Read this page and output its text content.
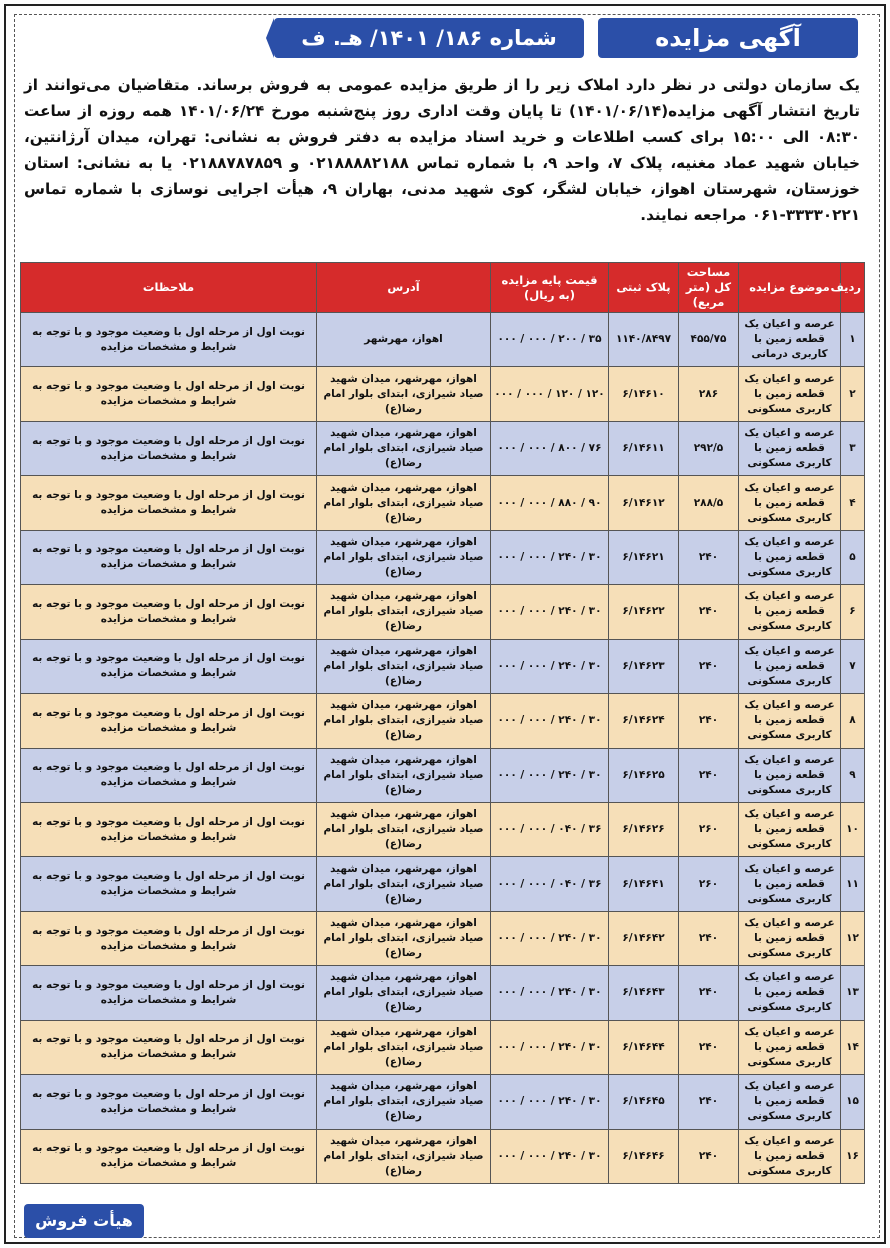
آگهی مزایده
شماره ۱۸۶/ ۱۴۰۱/ هـ. ف

یک سازمان دولتی در نظر دارد املاک زیر را از طریق مزایده عمومی به فروش برساند. متقاضیان می‌توانند از تاریخ انتشار آگهی مزایده(۱۴۰۱/۰۶/۱۴) تا پایان وقت اداری روز پنج‌شنبه مورخ ۱۴۰۱/۰۶/۲۴ همه روزه از ساعت ۰۸:۳۰ الی ۱۵:۰۰ برای کسب اطلاعات و خرید اسناد مزایده به دفتر فروش به نشانی: تهران، میدان آرژانتین، خیابان شهید عماد مغنیه، پلاک ۷، واحد ۹، با شماره تماس ۰۲۱۸۸۸۸۲۱۸۸ و ۰۲۱۸۸۷۸۷۸۵۹ یا به نشانی: استان خوزستان، شهرستان اهواز، خیابان لشگر، کوی شهید مدنی، بهاران ۹، هیأت اجرایی نوسازی با شماره تماس ۳۳۳۳۰۲۲۱-۰۶۱ مراجعه نمایند.

ردیف	موضوع مزایده	مساحت کل (متر مربع)	پلاک ثبتی	قیمت پایه مزایده (به ریال)	آدرس	ملاحظات
۱	عرصه و اعیان یک قطعه زمین با کاربری درمانی	۴۵۵/۷۵	۱۱۴۰/۸۴۹۷	۳۵ / ۲۰۰ / ۰۰۰ / ۰۰۰	اهواز، مهرشهر	نوبت اول از مرحله اول با وضعیت موجود و با توجه به شرایط و مشخصات مزایده
۲	عرصه و اعیان یک قطعه زمین با کاربری مسکونی	۲۸۶	۶/۱۴۶۱۰	۱۲۰ / ۱۲۰ / ۰۰۰ / ۰۰۰	اهواز، مهرشهر، میدان شهید صیاد شیرازی، ابتدای بلوار امام رضا(ع)	نوبت اول از مرحله اول با وضعیت موجود و با توجه به شرایط و مشخصات مزایده
۳	عرصه و اعیان یک قطعه زمین با کاربری مسکونی	۲۹۲/۵	۶/۱۴۶۱۱	۷۶ / ۸۰۰ / ۰۰۰ / ۰۰۰	اهواز، مهرشهر، میدان شهید صیاد شیرازی، ابتدای بلوار امام رضا(ع)	نوبت اول از مرحله اول با وضعیت موجود و با توجه به شرایط و مشخصات مزایده
۴	عرصه و اعیان یک قطعه زمین با کاربری مسکونی	۲۸۸/۵	۶/۱۴۶۱۲	۹۰ / ۸۸۰ / ۰۰۰ / ۰۰۰	اهواز، مهرشهر، میدان شهید صیاد شیرازی، ابتدای بلوار امام رضا(ع)	نوبت اول از مرحله اول با وضعیت موجود و با توجه به شرایط و مشخصات مزایده
۵	عرصه و اعیان یک قطعه زمین با کاربری مسکونی	۲۴۰	۶/۱۴۶۲۱	۳۰ / ۲۴۰ / ۰۰۰ / ۰۰۰	اهواز، مهرشهر، میدان شهید صیاد شیرازی، ابتدای بلوار امام رضا(ع)	نوبت اول از مرحله اول با وضعیت موجود و با توجه به شرایط و مشخصات مزایده
۶	عرصه و اعیان یک قطعه زمین با کاربری مسکونی	۲۴۰	۶/۱۴۶۲۲	۳۰ / ۲۴۰ / ۰۰۰ / ۰۰۰	اهواز، مهرشهر، میدان شهید صیاد شیرازی، ابتدای بلوار امام رضا(ع)	نوبت اول از مرحله اول با وضعیت موجود و با توجه به شرایط و مشخصات مزایده
۷	عرصه و اعیان یک قطعه زمین با کاربری مسکونی	۲۴۰	۶/۱۴۶۲۳	۳۰ / ۲۴۰ / ۰۰۰ / ۰۰۰	اهواز، مهرشهر، میدان شهید صیاد شیرازی، ابتدای بلوار امام رضا(ع)	نوبت اول از مرحله اول با وضعیت موجود و با توجه به شرایط و مشخصات مزایده
۸	عرصه و اعیان یک قطعه زمین با کاربری مسکونی	۲۴۰	۶/۱۴۶۲۴	۳۰ / ۲۴۰ / ۰۰۰ / ۰۰۰	اهواز، مهرشهر، میدان شهید صیاد شیرازی، ابتدای بلوار امام رضا(ع)	نوبت اول از مرحله اول با وضعیت موجود و با توجه به شرایط و مشخصات مزایده
۹	عرصه و اعیان یک قطعه زمین با کاربری مسکونی	۲۴۰	۶/۱۴۶۲۵	۳۰ / ۲۴۰ / ۰۰۰ / ۰۰۰	اهواز، مهرشهر، میدان شهید صیاد شیرازی، ابتدای بلوار امام رضا(ع)	نوبت اول از مرحله اول با وضعیت موجود و با توجه به شرایط و مشخصات مزایده
۱۰	عرصه و اعیان یک قطعه زمین با کاربری مسکونی	۲۶۰	۶/۱۴۶۲۶	۳۶ / ۰۴۰ / ۰۰۰ / ۰۰۰	اهواز، مهرشهر، میدان شهید صیاد شیرازی، ابتدای بلوار امام رضا(ع)	نوبت اول از مرحله اول با وضعیت موجود و با توجه به شرایط و مشخصات مزایده
۱۱	عرصه و اعیان یک قطعه زمین با کاربری مسکونی	۲۶۰	۶/۱۴۶۴۱	۳۶ / ۰۴۰ / ۰۰۰ / ۰۰۰	اهواز، مهرشهر، میدان شهید صیاد شیرازی، ابتدای بلوار امام رضا(ع)	نوبت اول از مرحله اول با وضعیت موجود و با توجه به شرایط و مشخصات مزایده
۱۲	عرصه و اعیان یک قطعه زمین با کاربری مسکونی	۲۴۰	۶/۱۴۶۴۲	۳۰ / ۲۴۰ / ۰۰۰ / ۰۰۰	اهواز، مهرشهر، میدان شهید صیاد شیرازی، ابتدای بلوار امام رضا(ع)	نوبت اول از مرحله اول با وضعیت موجود و با توجه به شرایط و مشخصات مزایده
۱۳	عرصه و اعیان یک قطعه زمین با کاربری مسکونی	۲۴۰	۶/۱۴۶۴۳	۳۰ / ۲۴۰ / ۰۰۰ / ۰۰۰	اهواز، مهرشهر، میدان شهید صیاد شیرازی، ابتدای بلوار امام رضا(ع)	نوبت اول از مرحله اول با وضعیت موجود و با توجه به شرایط و مشخصات مزایده
۱۴	عرصه و اعیان یک قطعه زمین با کاربری مسکونی	۲۴۰	۶/۱۴۶۴۴	۳۰ / ۲۴۰ / ۰۰۰ / ۰۰۰	اهواز، مهرشهر، میدان شهید صیاد شیرازی، ابتدای بلوار امام رضا(ع)	نوبت اول از مرحله اول با وضعیت موجود و با توجه به شرایط و مشخصات مزایده
۱۵	عرصه و اعیان یک قطعه زمین با کاربری مسکونی	۲۴۰	۶/۱۴۶۴۵	۳۰ / ۲۴۰ / ۰۰۰ / ۰۰۰	اهواز، مهرشهر، میدان شهید صیاد شیرازی، ابتدای بلوار امام رضا(ع)	نوبت اول از مرحله اول با وضعیت موجود و با توجه به شرایط و مشخصات مزایده
۱۶	عرصه و اعیان یک قطعه زمین با کاربری مسکونی	۲۴۰	۶/۱۴۶۴۶	۳۰ / ۲۴۰ / ۰۰۰ / ۰۰۰	اهواز، مهرشهر، میدان شهید صیاد شیرازی، ابتدای بلوار امام رضا(ع)	نوبت اول از مرحله اول با وضعیت موجود و با توجه به شرایط و مشخصات مزایده
هیأت فروش
